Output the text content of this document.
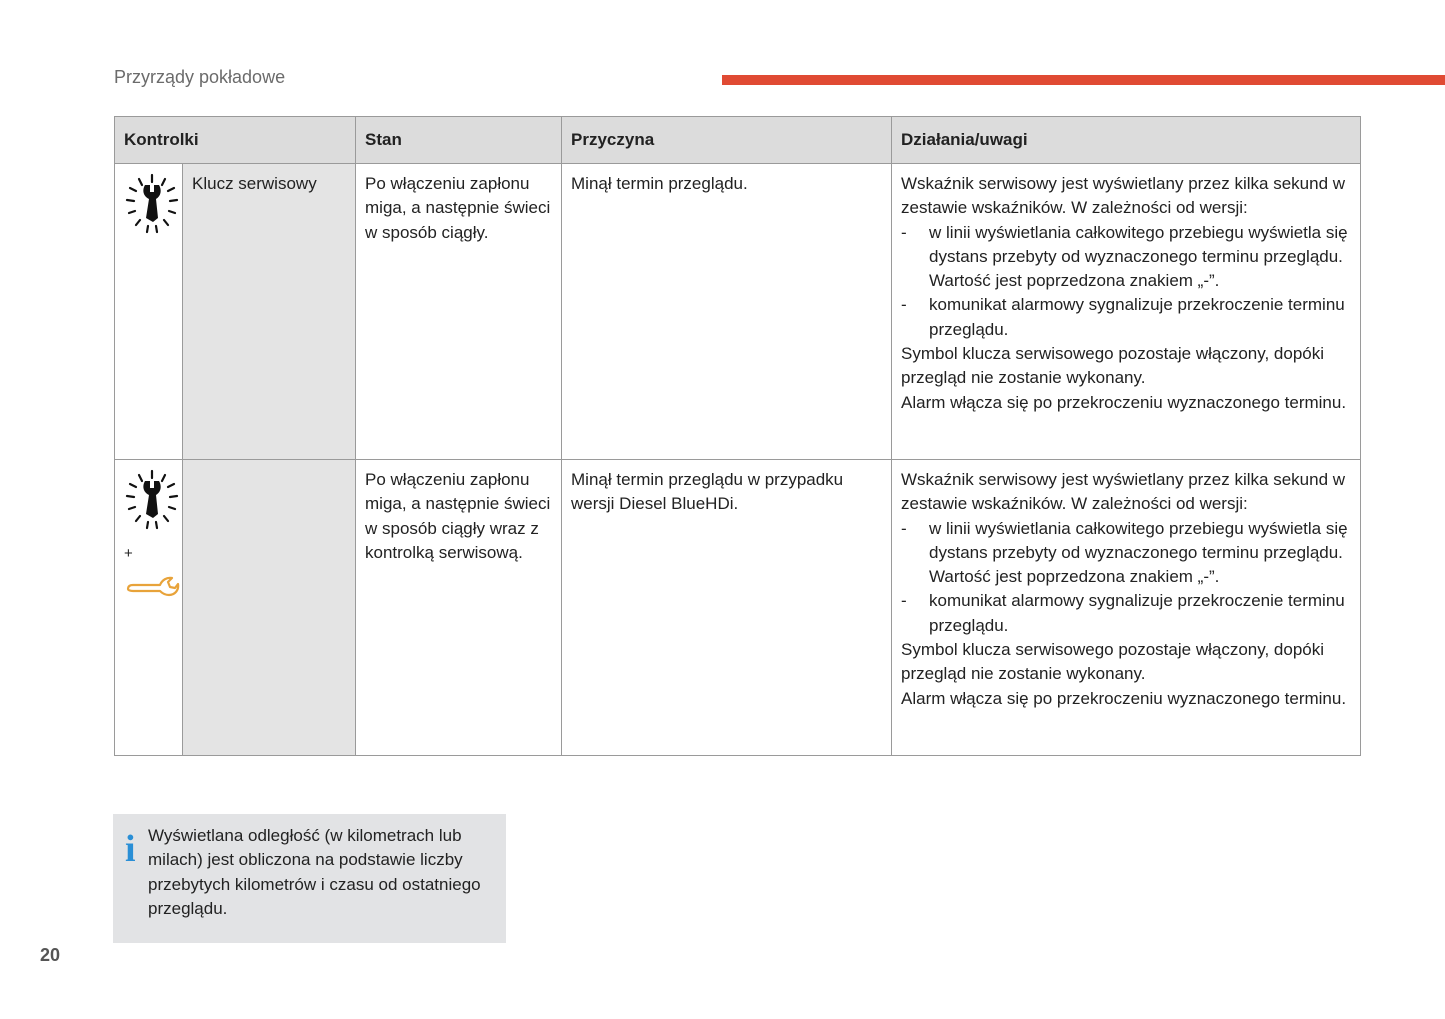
Przyrządy pokładowe
Kontrolki		Stan	Przyczyna	Działania/uwagi
	Klucz serwisowy	Po włączeniu zapłonu miga, a następnie świeci w sposób ciągły.	Minął termin przeglądu.	Wskaźnik serwisowy jest wyświetlany przez kilka sekund w zestawie wskaźników. W zależności od wersji:
- w linii wyświetlania całkowitego przebiegu wyświetla się dystans przebyty od wyznaczonego terminu przeglądu. Wartość jest poprzedzona znakiem „-”.
- komunikat alarmowy sygnalizuje przekroczenie terminu przeglądu.
Symbol klucza serwisowego pozostaje włączony, dopóki przegląd nie zostanie wykonany.
Alarm włącza się po przekroczeniu wyznaczonego terminu.

+		Po włączeniu zapłonu miga, a następnie świeci w sposób ciągły wraz z kontrolką serwisową.	Minął termin przeglądu w przypadku wersji Diesel BlueHDi.	Wskaźnik serwisowy jest wyświetlany przez kilka sekund w zestawie wskaźników. W zależności od wersji:
- w linii wyświetlania całkowitego przebiegu wyświetla się dystans przebyty od wyznaczonego terminu przeglądu. Wartość jest poprzedzona znakiem „-”.
- komunikat alarmowy sygnalizuje przekroczenie terminu przeglądu.
Symbol klucza serwisowego pozostaje włączony, dopóki przegląd nie zostanie wykonany.
Alarm włącza się po przekroczeniu wyznaczonego terminu.
i Wyświetlana odległość (w kilometrach lub milach) jest obliczona na podstawie liczby przebytych kilometrów i czasu od ostatniego przeglądu.
20
